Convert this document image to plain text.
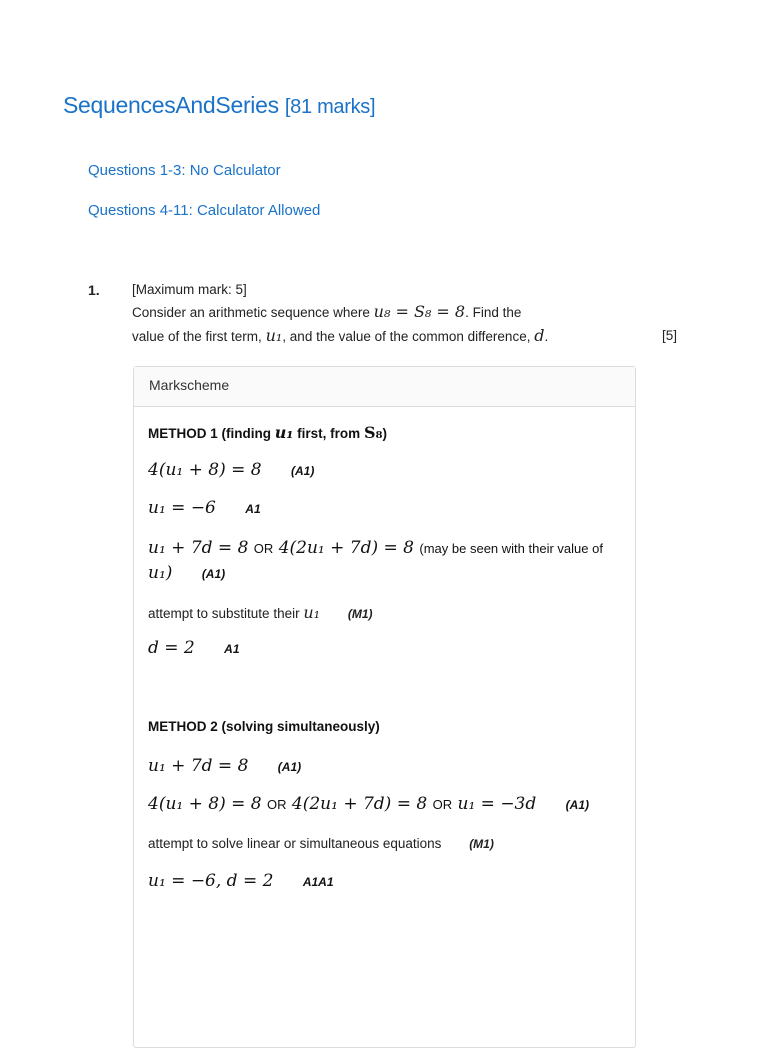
SequencesAndSeries [81 marks]
Questions 1-3: No Calculator
Questions 4-11: Calculator Allowed
1. [Maximum mark: 5]
Consider an arithmetic sequence where u₈ = S₈ = 8. Find the
value of the first term, u₁, and the value of the common difference, d.	[5]
Markscheme
METHOD 1 (finding u₁ first, from S₈)
4(u₁ + 8) = 8 (A1)
u₁ = −6 A1
u₁ + 7d = 8 OR 4(2u₁ + 7d) = 8 (may be seen with their value of
u₁) (A1)
attempt to substitute their u₁ (M1)
d = 2 A1
METHOD 2 (solving simultaneously)
u₁ + 7d = 8 (A1)
4(u₁ + 8) = 8 OR 4(2u₁ + 7d) = 8 OR u₁ = −3d (A1)
attempt to solve linear or simultaneous equations (M1)
u₁ = −6, d = 2 A1A1
